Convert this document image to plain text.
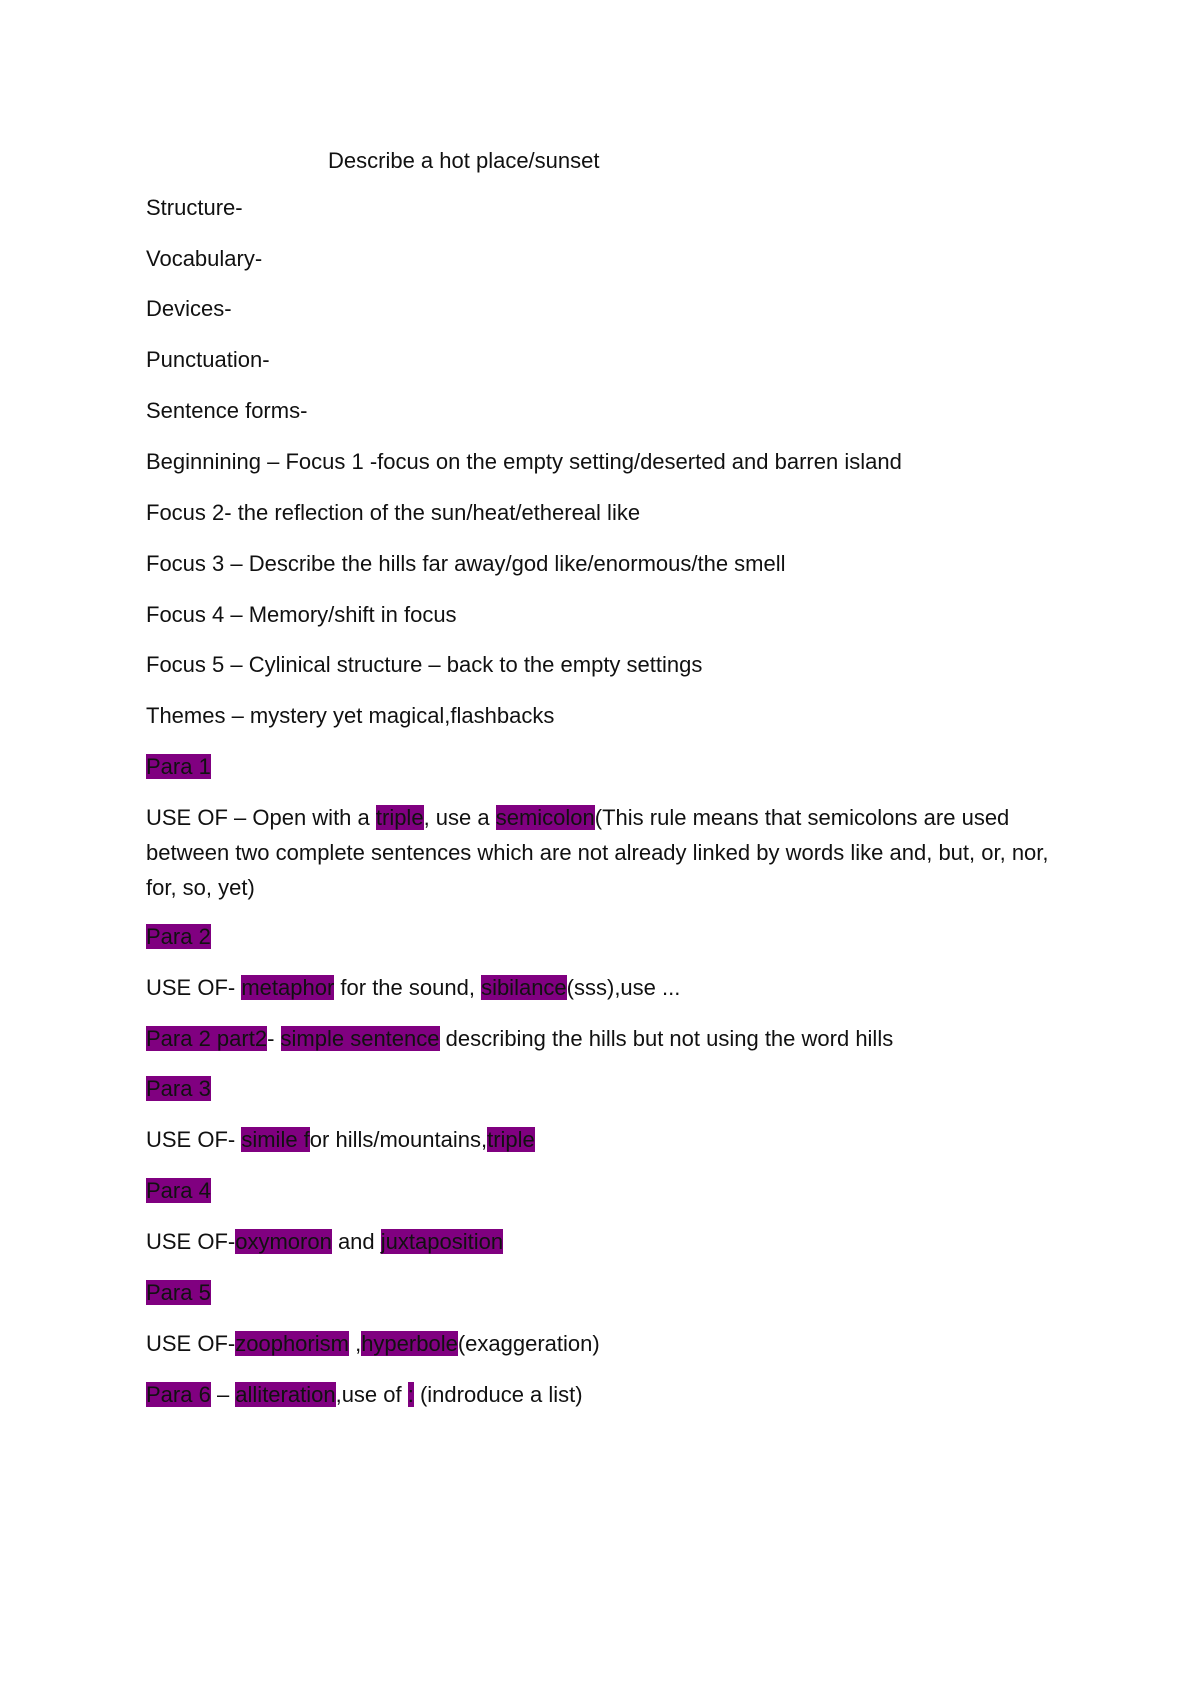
Describe a hot place/sunset
Structure-
Vocabulary-
Devices-
Punctuation-
Sentence forms-
Beginnining – Focus 1 -focus on the empty setting/deserted and barren island
Focus 2- the reflection of the sun/heat/ethereal like
Focus 3 – Describe the hills far away/god like/enormous/the smell
Focus 4 – Memory/shift in focus
Focus 5 – Cylinical structure – back to the empty settings
Themes – mystery yet magical,flashbacks
Para 1
USE OF – Open with a triple, use a semicolon(This rule means that semicolons are used between two complete sentences which are not already linked by words like and, but, or, nor, for, so, yet)
Para 2
USE OF- metaphor for the sound, sibilance(sss),use ...
Para 2 part2- simple sentence describing the hills but not using the word hills
Para 3
USE OF- simile for hills/mountains,triple
Para 4
USE OF-oxymoron and juxtaposition
Para 5
USE OF-zoophorism ,hyperbole(exaggeration)
Para 6 – alliteration,use of : (indroduce a list)
